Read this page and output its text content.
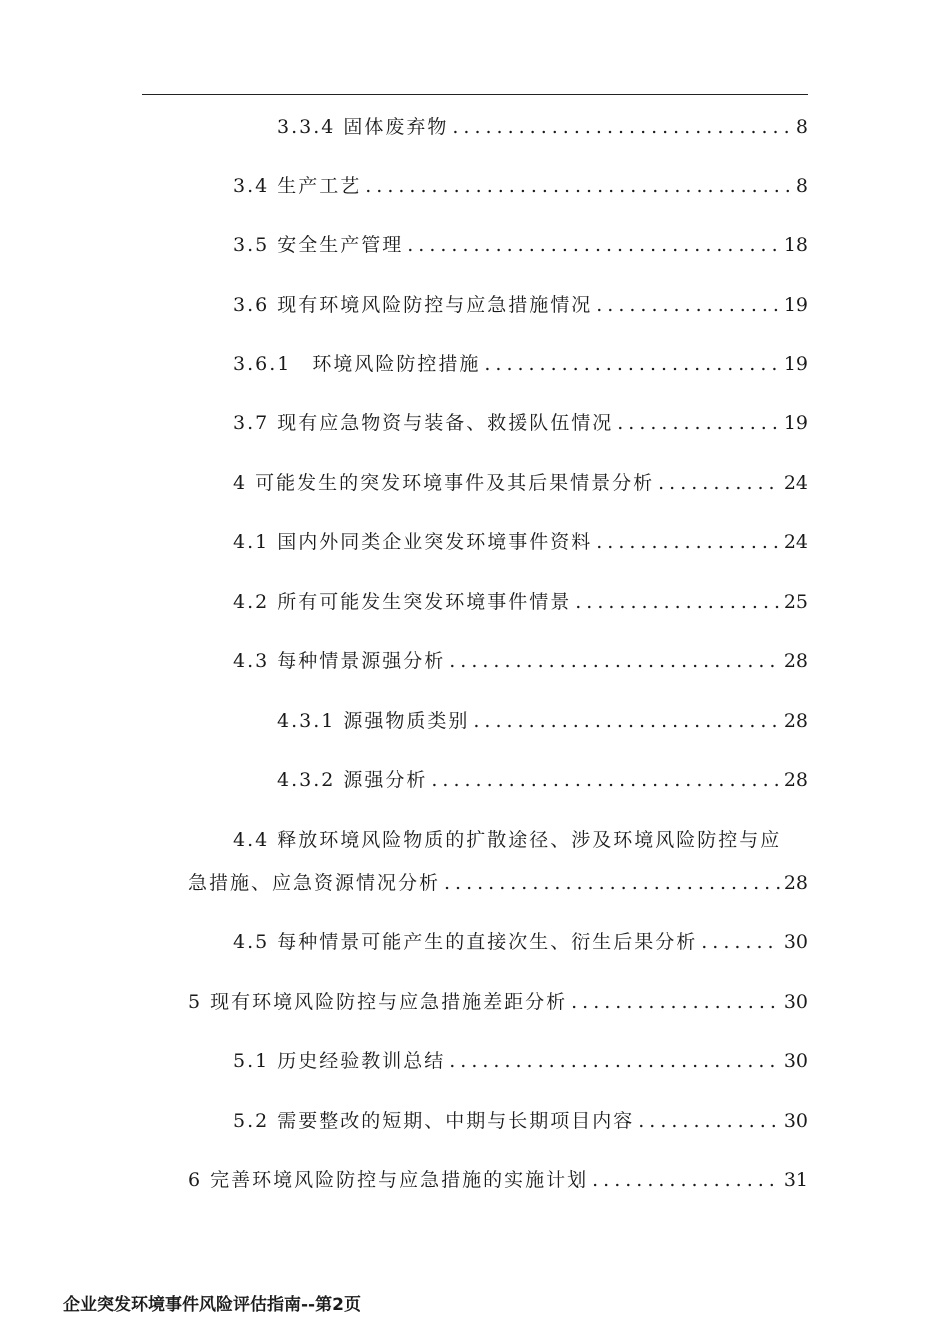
3.3.4 固体废弃物 .....	8
3.4 生产工艺 .....	8
3.5 安全生产管理 .....	18
3.6 现有环境风险防控与应急措施情况 .....	19
3.6.1　环境风险防控措施 .....	19
3.7 现有应急物资与装备、救援队伍情况 .....	19
4 可能发生的突发环境事件及其后果情景分析 .....	24
4.1 国内外同类企业突发环境事件资料 .....	24
4.2 所有可能发生突发环境事件情景 .....	25
4.3 每种情景源强分析 .....	28
4.3.1 源强物质类别 .....	28
4.3.2 源强分析 .....	28
4.4 释放环境风险物质的扩散途径、涉及环境风险防控与应
急措施、应急资源情况分析 .....	28
4.5 每种情景可能产生的直接次生、衍生后果分析 .....	30
5 现有环境风险防控与应急措施差距分析 .....	30
5.1 历史经验教训总结 .....	30
5.2 需要整改的短期、中期与长期项目内容 .....	30
6 完善环境风险防控与应急措施的实施计划 .....	31
企业突发环境事件风险评估指南--第2页
